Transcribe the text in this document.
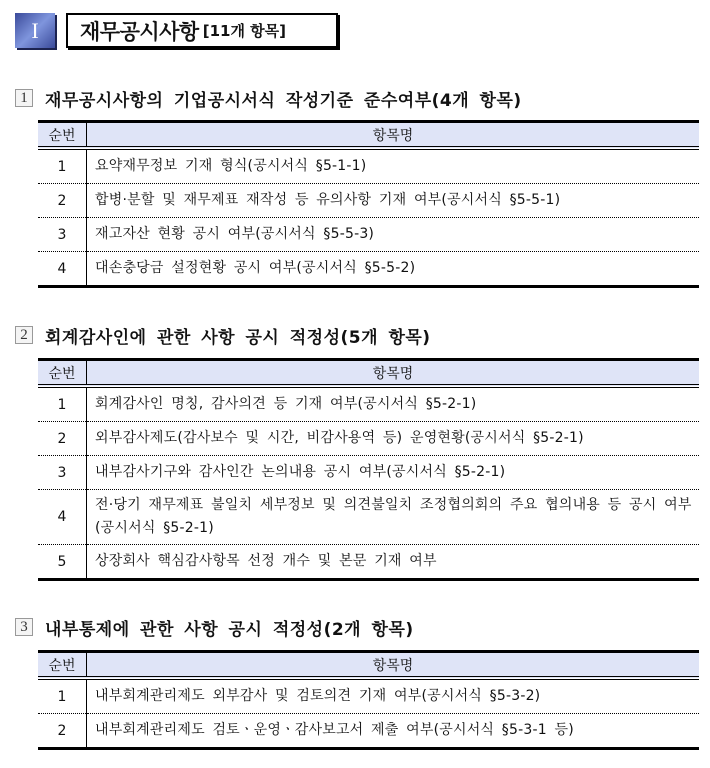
I 재무공시사항 [11개 항목]
1	재무공시사항의 기업공시서식 작성기준 준수여부(4개 항목)
순번	항목명
1	요약재무정보 기재 형식(공시서식 §5-1-1)
2	합병·분할 및 재무제표 재작성 등 유의사항 기재 여부(공시서식 §5-5-1)
3	재고자산 현황 공시 여부(공시서식 §5-5-3)
4	대손충당금 설정현황 공시 여부(공시서식 §5-5-2)
2	회계감사인에 관한 사항 공시 적정성(5개 항목)
순번	항목명
1	회계감사인 명칭, 감사의견 등 기재 여부(공시서식 §5-2-1)
2	외부감사제도(감사보수 및 시간, 비감사용역 등) 운영현황(공시서식 §5-2-1)
3	내부감사기구와 감사인간 논의내용 공시 여부(공시서식 §5-2-1)
4	전·당기 재무제표 불일치 세부정보 및 의견불일치 조정협의회의 주요 협의내용 등 공시 여부(공시서식 §5-2-1)
5	상장회사 핵심감사항목 선정 개수 및 본문 기재 여부
3	내부통제에 관한 사항 공시 적정성(2개 항목)
순번	항목명
1	내부회계관리제도 외부감사 및 검토의견 기재 여부(공시서식 §5-3-2)
2	내부회계관리제도 검토ㆍ운영ㆍ감사보고서 제출 여부(공시서식 §5-3-1 등)
